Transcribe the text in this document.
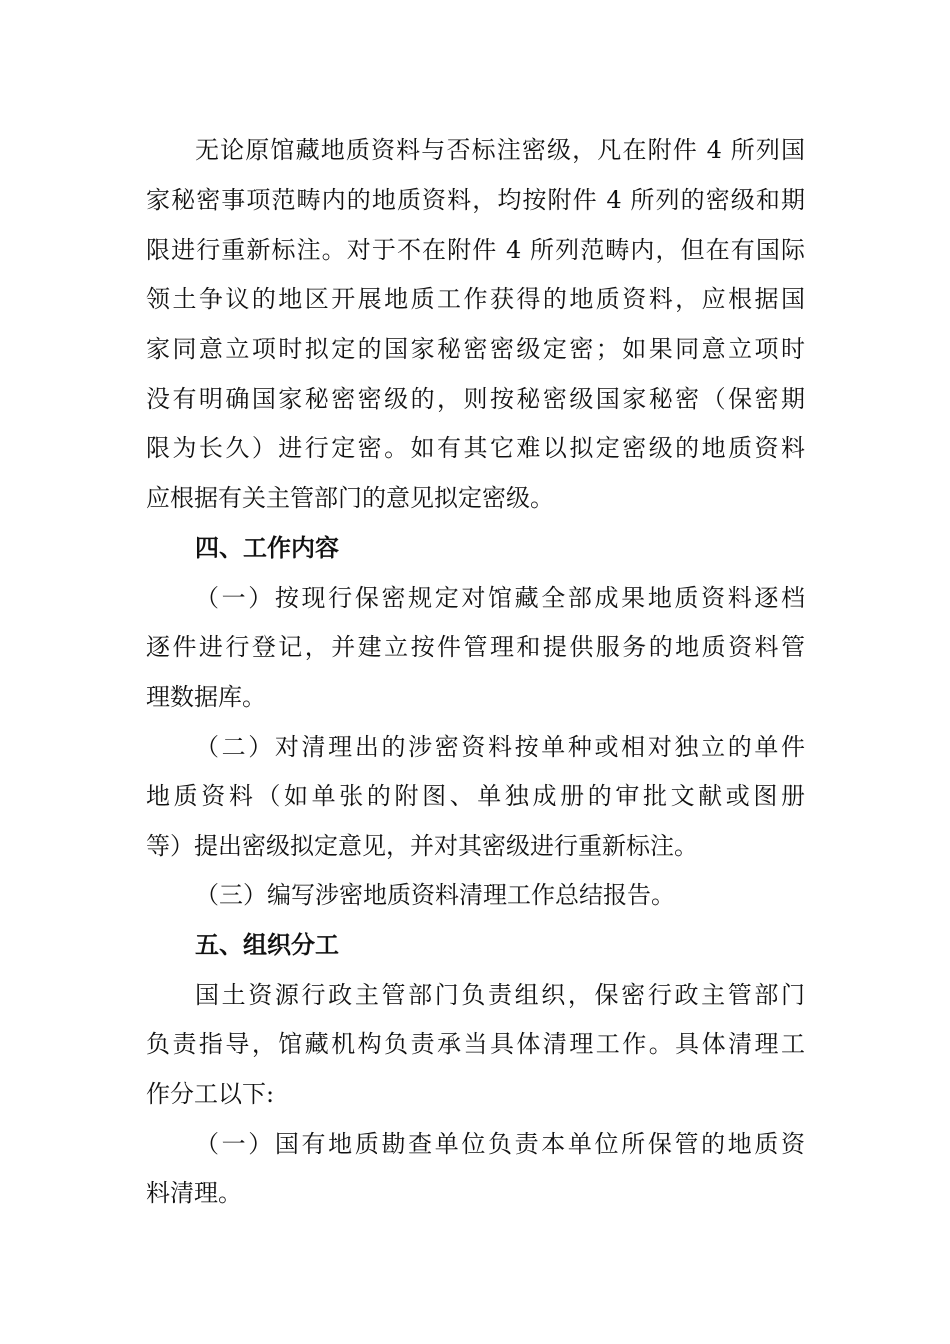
无论原馆藏地质资料与否标注密级，凡在附件 4 所列国
家秘密事项范畴内的地质资料，均按附件 4 所列的密级和期
限进行重新标注。对于不在附件 4 所列范畴内，但在有国际
领土争议的地区开展地质工作获得的地质资料，应根据国
家同意立项时拟定的国家秘密密级定密；如果同意立项时
没有明确国家秘密密级的，则按秘密级国家秘密（保密期
限为长久）进行定密。如有其它难以拟定密级的地质资料
应根据有关主管部门的意见拟定密级。
四、工作内容
（一）按现行保密规定对馆藏全部成果地质资料逐档
逐件进行登记，并建立按件管理和提供服务的地质资料管
理数据库。
（二）对清理出的涉密资料按单种或相对独立的单件
地质资料（如单张的附图、单独成册的审批文献或图册
等）提出密级拟定意见，并对其密级进行重新标注。
（三）编写涉密地质资料清理工作总结报告。
五、组织分工
国土资源行政主管部门负责组织，保密行政主管部门
负责指导，馆藏机构负责承当具体清理工作。具体清理工
作分工以下:
（一）国有地质勘查单位负责本单位所保管的地质资
料清理。
